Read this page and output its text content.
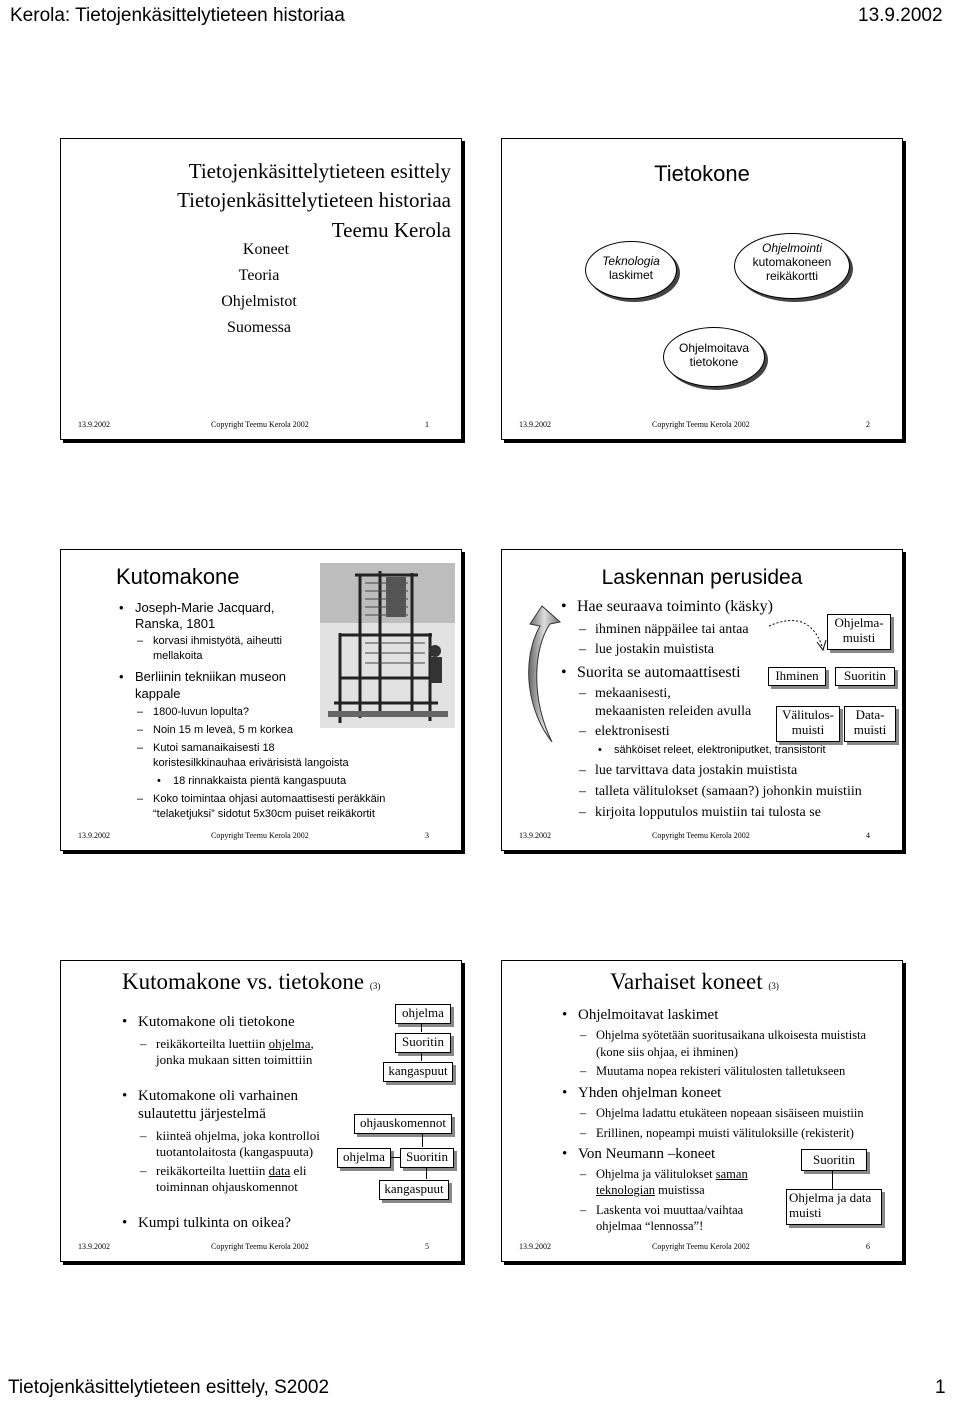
Kerola: Tietojenkäsittelytieteen historiaa	13.9.2002
Tietojenkäsittelytieteen esittely, S2002	1
Tietojenkäsittelytieteen esittely
Tietojenkäsittelytieteen historiaa
Teemu Kerola
Koneet
Teoria
Ohjelmistot
Suomessa
13.9.2002	Copyright Teemu Kerola 2002	1
Tietokone
Teknologia
laskimet
Ohjelmointi
kutomakoneen
reikäkortti
Ohjelmoitava
tietokone
13.9.2002	Copyright Teemu Kerola 2002	2
Kutomakone
• Joseph-Marie Jacquard,
Ranska, 1801
– korvasi ihmistyötä, aiheutti
mellakoita
• Berliinin tekniikan museon
kappale
– 1800-luvun lopulta?
– Noin 15 m leveä, 5 m korkea
– Kutoi samanaikaisesti 18
koristesilkkinauhaa erivärisistä langoista
• 18 rinnakkaista pientä kangaspuuta
– Koko toimintaa ohjasi automaattisesti peräkkäin
“telaketjuksi” sidotut 5x30cm puiset reikäkortit
13.9.2002	Copyright Teemu Kerola 2002	3
Laskennan perusidea
• Hae seuraava toiminto (käsky)
– ihminen näppäilee tai antaa
– lue jostakin muistista
• Suorita se automaattisesti
– mekaanisesti,
mekaanisten releiden avulla
– elektronisesti
• sähköiset releet, elektroniputket, transistorit
– lue tarvittava data jostakin muistista
– talleta välitulokset (samaan?) johonkin muistiin
– kirjoita lopputulos muistiin tai tulosta se
Ohjelma-
muisti
Ihminen	Suoritin
Välitulos-
muisti
Data-
muisti
13.9.2002	Copyright Teemu Kerola 2002	4
Kutomakone vs. tietokone (3)
• Kutomakone oli tietokone
– reikäkorteilta luettiin ohjelma,
jonka mukaan sitten toimittiin
• Kutomakone oli varhainen
sulautettu järjestelmä
– kiinteä ohjelma, joka kontrolloi
tuotantolaitosta (kangaspuuta)
– reikäkorteilta luettiin data eli
toiminnan ohjauskomennot
• Kumpi tulkinta on oikea?
ohjelma
Suoritin
kangaspuut
ohjauskomennot
ohjelma	Suoritin
kangaspuut
13.9.2002	Copyright Teemu Kerola 2002	5
Varhaiset koneet (3)
• Ohjelmoitavat laskimet
– Ohjelma syötetään suoritusaikana ulkoisesta muistista
(kone siis ohjaa, ei ihminen)
– Muutama nopea rekisteri välitulosten talletukseen
• Yhden ohjelman koneet
– Ohjelma ladattu etukäteen nopeaan sisäiseen muistiin
– Erillinen, nopeampi muisti välituloksille (rekisterit)
• Von Neumann –koneet
– Ohjelma ja välitulokset saman
teknologian muistissa
– Laskenta voi muuttaa/vaihtaa
ohjelmaa “lennossa”!
Suoritin
Ohjelma ja data
muisti
13.9.2002	Copyright Teemu Kerola 2002	6
